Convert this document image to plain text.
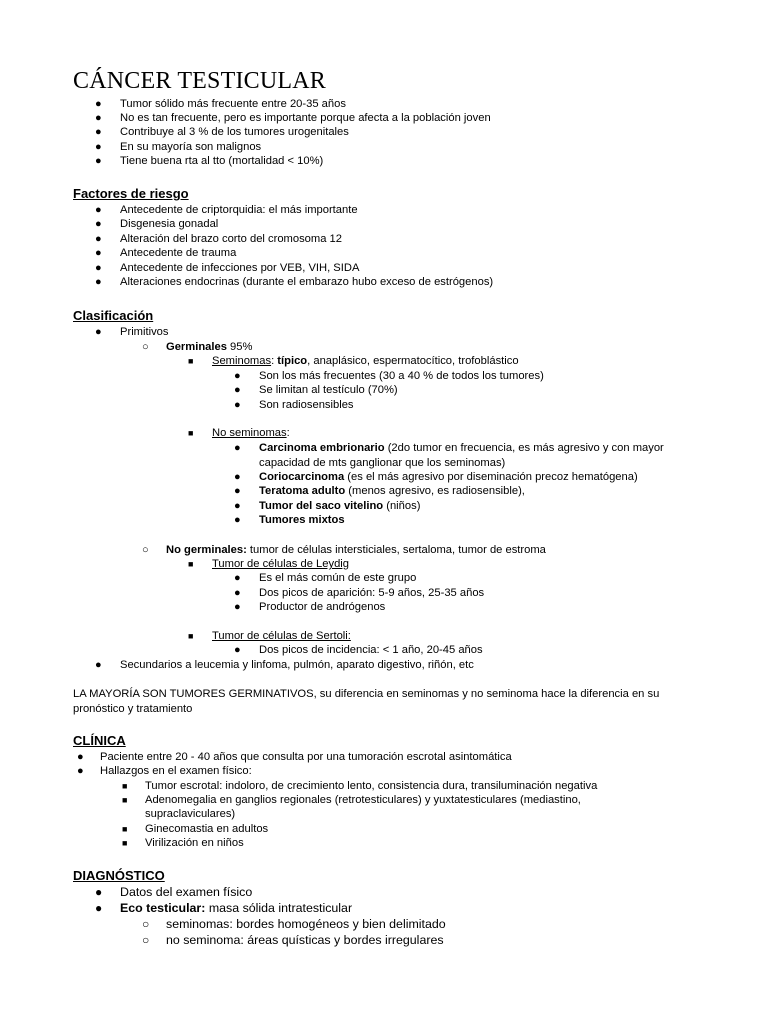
CÁNCER TESTICULAR
● Tumor sólido más frecuente entre 20-35 años
● No es tan frecuente, pero es importante porque afecta a la población joven
● Contribuye al 3 % de los tumores urogenitales
● En su mayoría son malignos
● Tiene buena rta al tto (mortalidad < 10%)
Factores de riesgo
● Antecedente de criptorquidia: el más importante
● Disgenesia gonadal
● Alteración del brazo corto del cromosoma 12
● Antecedente de trauma
● Antecedente de infecciones por VEB, VIH, SIDA
● Alteraciones endocrinas (durante el embarazo hubo exceso de estrógenos)
Clasificación
● Primitivos
○ Germinales 95%
■ Seminomas: típico, anaplásico, espermatocítico, trofoblástico
● Son los más frecuentes (30 a 40 % de todos los tumores)
● Se limitan al testículo (70%)
● Son radiosensibles
■ No seminomas:
● Carcinoma embrionario (2do tumor en frecuencia, es más agresivo y con mayor
capacidad de mts ganglionar que los seminomas)
● Coriocarcinoma (es el más agresivo por diseminación precoz hematógena)
● Teratoma adulto (menos agresivo, es radiosensible),
● Tumor del saco vitelino (niños)
● Tumores mixtos
○ No germinales: tumor de células intersticiales, sertaloma, tumor de estroma
■ Tumor de células de Leydig
● Es el más común de este grupo
● Dos picos de aparición: 5-9 años, 25-35 años
● Productor de andrógenos
■ Tumor de células de Sertoli:
● Dos picos de incidencia: < 1 año, 20-45 años
● Secundarios a leucemia y linfoma, pulmón, aparato digestivo, riñón, etc

LA MAYORÍA SON TUMORES GERMINATIVOS, su diferencia en seminomas y no seminoma hace la diferencia en su
pronóstico y tratamiento

CLÍNICA
● Paciente entre 20 - 40 años que consulta por una tumoración escrotal asintomática
● Hallazgos en el examen físico:
■ Tumor escrotal: indoloro, de crecimiento lento, consistencia dura, transiluminación negativa
■ Adenomegalia en ganglios regionales (retrotesticulares) y yuxtatesticulares (mediastino,
supraclaviculares)
■ Ginecomastia en adultos
■ Virilización en niños
DIAGNÓSTICO
● Datos del examen físico
● Eco testicular: masa sólida intratesticular
○ seminomas: bordes homogéneos y bien delimitado
○ no seminoma: áreas quísticas y bordes irregulares
